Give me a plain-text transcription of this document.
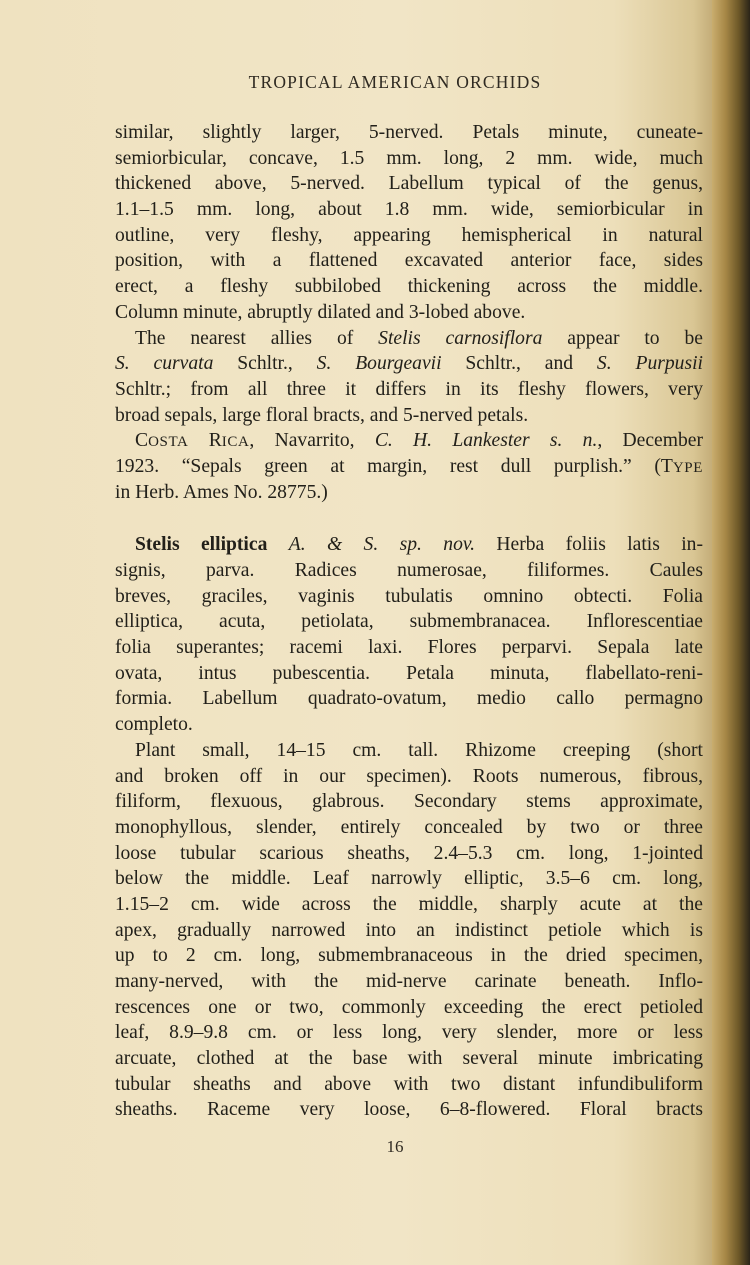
TROPICAL AMERICAN ORCHIDS
similar, slightly larger, 5-nerved. Petals minute, cuneate-
semiorbicular, concave, 1.5 mm. long, 2 mm. wide, much
thickened above, 5-nerved. Labellum typical of the genus,
1.1–1.5 mm. long, about 1.8 mm. wide, semiorbicular in
outline, very fleshy, appearing hemispherical in natural
position, with a flattened excavated anterior face, sides
erect, a fleshy subbilobed thickening across the middle.
Column minute, abruptly dilated and 3-lobed above.
The nearest allies of Stelis carnosiflora appear to be
S. curvata Schltr., S. Bourgeavii Schltr., and S. Purpusii
Schltr.; from all three it differs in its fleshy flowers, very
broad sepals, large floral bracts, and 5-nerved petals.
COSTA RICA, Navarrito, C. H. Lankester s. n., December
1923. “Sepals green at margin, rest dull purplish.” (TYPE
in Herb. Ames No. 28775.)
Stelis elliptica A. & S. sp. nov. Herba foliis latis in-
signis, parva. Radices numerosae, filiformes. Caules
breves, graciles, vaginis tubulatis omnino obtecti. Folia
elliptica, acuta, petiolata, submembranacea. Inflorescentiae
folia superantes; racemi laxi. Flores perparvi. Sepala late
ovata, intus pubescentia. Petala minuta, flabellato-reni-
formia. Labellum quadrato-ovatum, medio callo permagno
completo.
Plant small, 14–15 cm. tall. Rhizome creeping (short
and broken off in our specimen). Roots numerous, fibrous,
filiform, flexuous, glabrous. Secondary stems approximate,
monophyllous, slender, entirely concealed by two or three
loose tubular scarious sheaths, 2.4–5.3 cm. long, 1-jointed
below the middle. Leaf narrowly elliptic, 3.5–6 cm. long,
1.15–2 cm. wide across the middle, sharply acute at the
apex, gradually narrowed into an indistinct petiole which is
up to 2 cm. long, submembranaceous in the dried specimen,
many-nerved, with the mid-nerve carinate beneath. Inflo-
rescences one or two, commonly exceeding the erect petioled
leaf, 8.9–9.8 cm. or less long, very slender, more or less
arcuate, clothed at the base with several minute imbricating
tubular sheaths and above with two distant infundibuliform
sheaths. Raceme very loose, 6–8-flowered. Floral bracts
16
